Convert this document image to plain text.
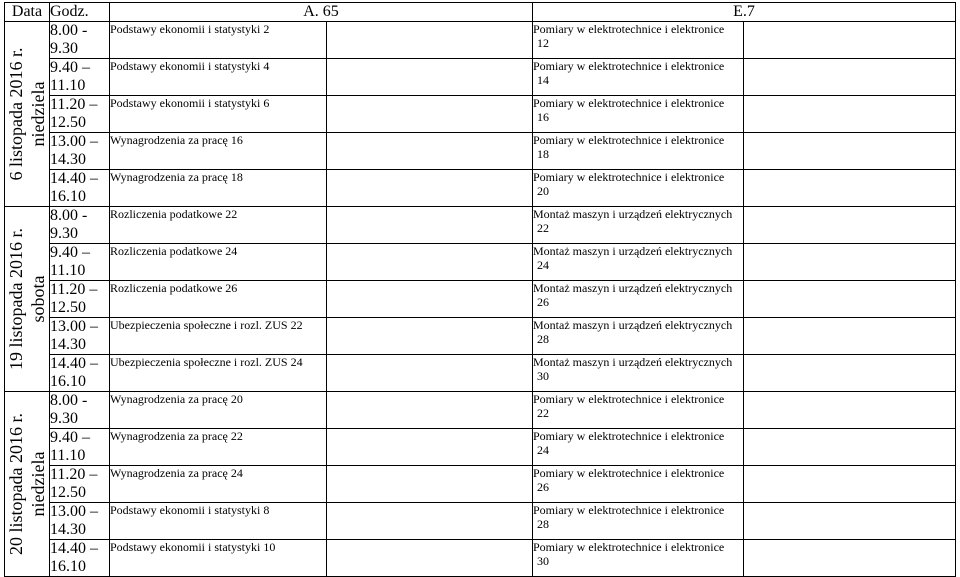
Data	Godz.	A. 65		E.7	

6 listopada 2016 r. niedziela	8.00 -
9.30	Podstawy ekonomii i statystyki 2		Pomiary w elektrotechnice i elektronice
12	

	9.40 –
11.10	Podstawy ekonomii i statystyki 4		Pomiary w elektrotechnice i elektronice
14	

	11.20 –
12.50	Podstawy ekonomii i statystyki 6		Pomiary w elektrotechnice i elektronice
16	

	13.00 –
14.30	Wynagrodzenia za pracę 16		Pomiary w elektrotechnice i elektronice
18	

	14.40 –
16.10	Wynagrodzenia za pracę 18		Pomiary w elektrotechnice i elektronice
20	

19 listopada 2016 r. sobota	8.00 -
9.30	Rozliczenia podatkowe 22		Montaż maszyn i urządzeń elektrycznych
22	

	9.40 –
11.10	Rozliczenia podatkowe 24		Montaż maszyn i urządzeń elektrycznych
24	

	11.20 –
12.50	Rozliczenia podatkowe 26		Montaż maszyn i urządzeń elektrycznych
26	

	13.00 –
14.30	Ubezpieczenia społeczne i rozl. ZUS 22		Montaż maszyn i urządzeń elektrycznych
28	

	14.40 –
16.10	Ubezpieczenia społeczne i rozl. ZUS 24		Montaż maszyn i urządzeń elektrycznych
30	

20 listopada 2016 r. niedziela	8.00 -
9.30	Wynagrodzenia za pracę 20		Pomiary w elektrotechnice i elektronice
22	

	9.40 –
11.10	Wynagrodzenia za pracę 22		Pomiary w elektrotechnice i elektronice
24	

	11.20 –
12.50	Wynagrodzenia za pracę 24		Pomiary w elektrotechnice i elektronice
26	

	13.00 –
14.30	Podstawy ekonomii i statystyki 8		Pomiary w elektrotechnice i elektronice
28	

	14.40 –
16.10	Podstawy ekonomii i statystyki 10		Pomiary w elektrotechnice i elektronice
30	
